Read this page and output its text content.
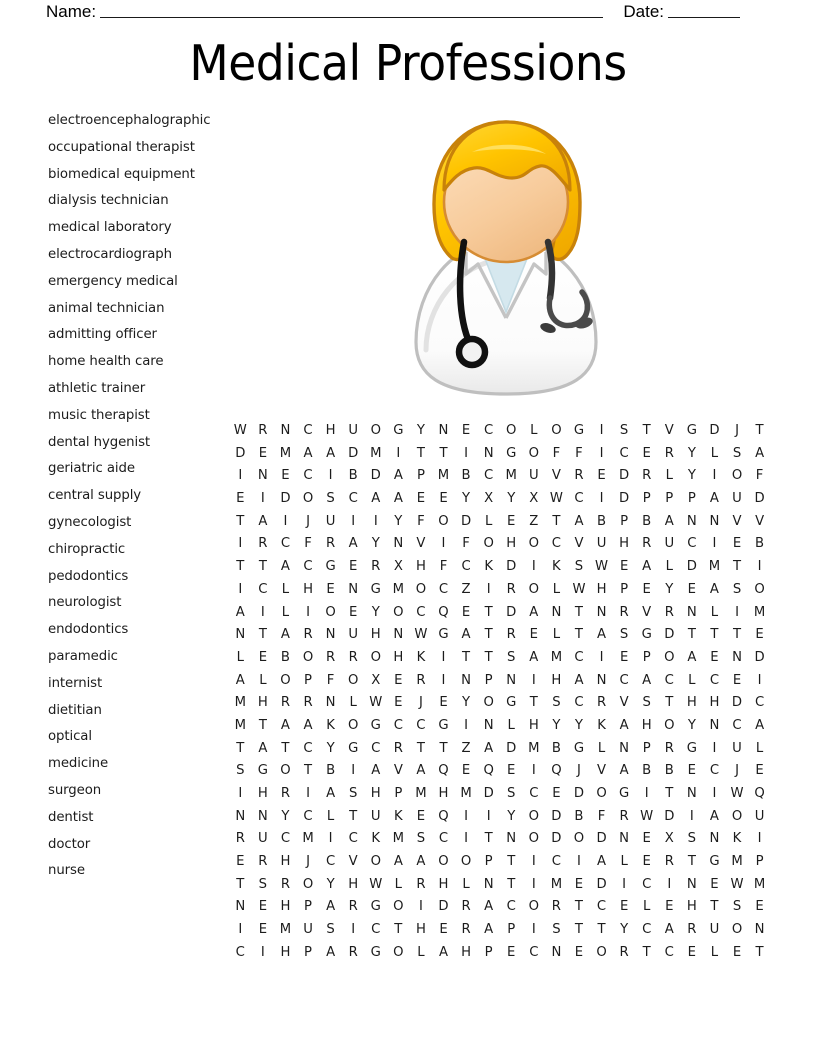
Name:	Date:
Medical Professions
electroencephalographic
occupational therapist
biomedical equipment
dialysis technician
medical laboratory
electrocardiograph
emergency medical
animal technician
admitting officer
home health care
athletic trainer
music therapist
dental hygenist
geriatric aide
central supply
gynecologist
chiropractic
pedodontics
neurologist
endodontics
paramedic
internist
dietitian
optical
medicine
surgeon
dentist
doctor
nurse
W R N C H U O G	Y	N	E	C O	L	O G	I	S	T	V G D	J	T
D	E M A	A D M	I	T	T	I	N G O	F	F	I	C	E	R	Y	L	S	A
I	N	E	C	I	B D A	P M B	C M U	V	R	E	D R	L	Y	I	O	F
E	I	D O S	C	A	A	E	E	Y	X	Y	X W C	I	D	P	P	P	A	U D
T	A	I	J	U	I	I	Y	F	O D	L	E	Z	T	A	B	P	B	A N N V	V
I	R	C	F	R	A	Y	N V	I	F	O H O C	V	U H R U C	I	E	B
T	T	A	C G	E	R	X H	F	C	K D	I	K	S W E	A	L	D M T	I
I	C	L	H	E	N G M O C	Z	I	R O	L W H	P	E	Y	E	A	S	O
A	I	L	I	O	E	Y	O C Q	E	T	D A N	T	N R	V	R N	L	I	M
N	T	A	R N U H N W G A	T	R	E	L	T	A	S	G D	T	T	T	E
L	E	B O R	R O H	K	I	T	T	S	A M C	I	E	P	O A	E	N D
A	L	O	P	F	O X	E	R	I	N	P	N	I	H A N C	A	C	L	C	E	I
M H R	R N	L W E	J	E	Y	O G	T	S	C	R	V	S	T	H H D C
M T	A	A	K O G C	C G	I	N	L	H	Y	Y	K	A H O	Y	N C	A
T	A	T	C	Y	G C	R	T	T	Z	A D M B G	L	N	P	R G	I	U	L
S	G O	T	B	I	A	V	A Q	E	Q	E	I	Q	J	V	A	B	B	E	C	J	E
I	H R	I	A	S	H	P M H M D	S	C	E	D O G	I	T	N	I	W Q
N N	Y	C	L	T	U	K	E	Q	I	I	Y	O D B	F	R W D	I	A O U
R U C M	I	C	K M S	C	I	T	N O D O D N	E	X	S	N	K	I
E	R H	J	C	V O A	A O O	P	T	I	C	I	A	L	E	R	T	G M P
T	S	R O	Y	H W L	R H	L	N	T	I	M E	D	I	C	I	N	E W M
N	E	H	P	A	R G O	I	D R	A	C O R	T	C	E	L	E	H	T	S	E
I	E M U	S	I	C	T	H	E	R	A	P	I	S	T	T	Y	C	A	R U O N
C	I	H	P	A	R G O	L	A H	P	E	C N	E	O R	T	C	E	L	E	T
